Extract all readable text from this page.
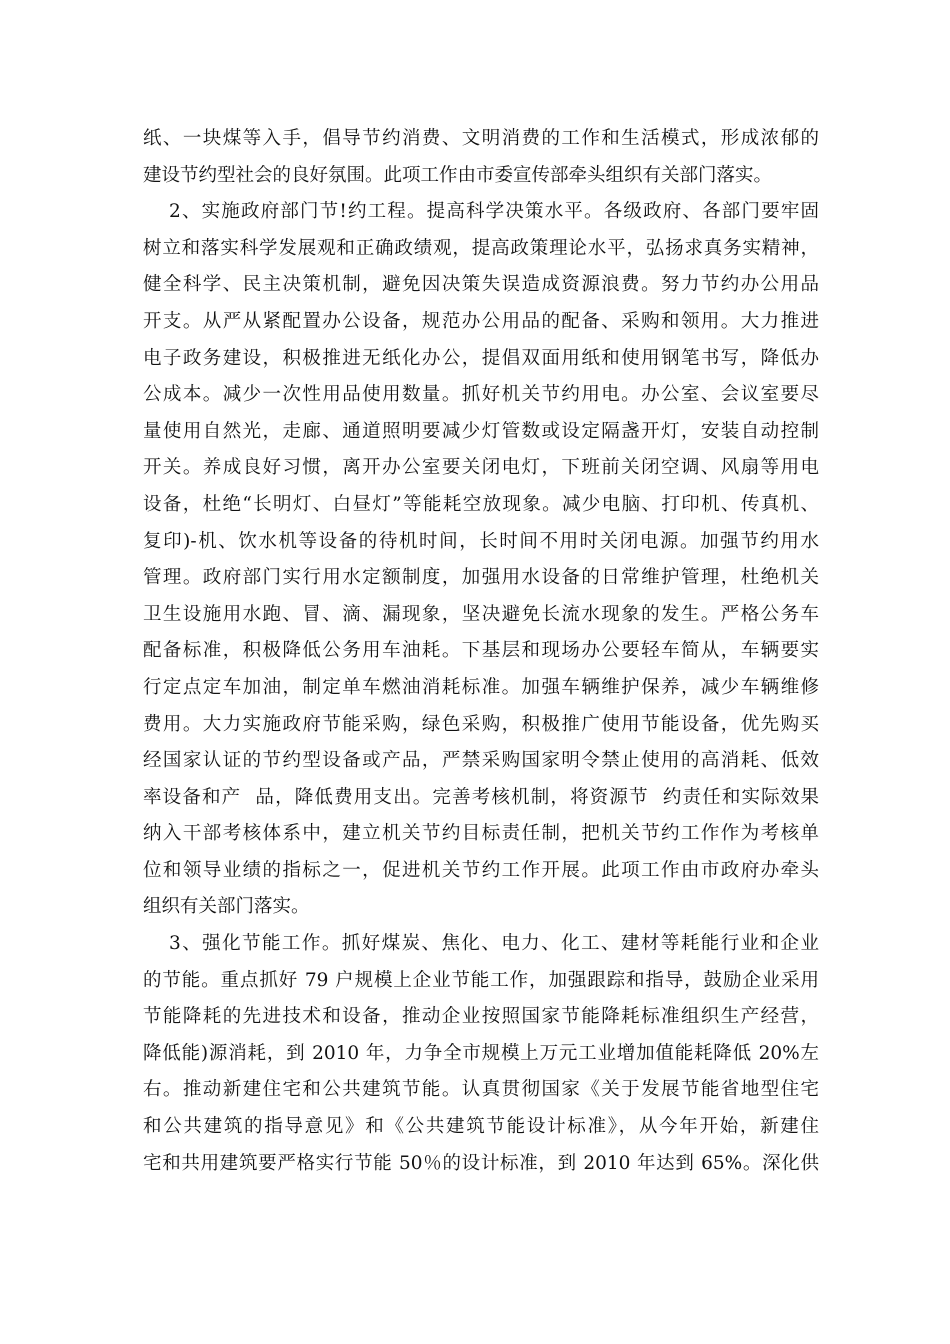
纸、一块煤等入手，倡导节约消费、文明消费的工作和生活模式，形成浓郁的
建设节约型社会的良好氛围。此项工作由市委宣传部牵头组织有关部门落实。
2、实施政府部门节!约工程。提高科学决策水平。各级政府、各部门要牢固
树立和落实科学发展观和正确政绩观，提高政策理论水平，弘扬求真务实精神，
健全科学、民主决策机制，避免因决策失误造成资源浪费。努力节约办公用品
开支。从严从紧配置办公设备，规范办公用品的配备、采购和领用。大力推进
电子政务建设，积极推进无纸化办公，提倡双面用纸和使用钢笔书写，降低办
公成本。减少一次性用品使用数量。抓好机关节约用电。办公室、会议室要尽
量使用自然光，走廊、通道照明要减少灯管数或设定隔盏开灯，安装自动控制
开关。养成良好习惯，离开办公室要关闭电灯，下班前关闭空调、风扇等用电
设备，杜绝“长明灯、白昼灯”等能耗空放现象。减少电脑、打印机、传真机、
复印)-机、饮水机等设备的待机时间，长时间不用时关闭电源。加强节约用水
管理。政府部门实行用水定额制度，加强用水设备的日常维护管理，杜绝机关
卫生设施用水跑、冒、滴、漏现象，坚决避免长流水现象的发生。严格公务车
配备标准，积极降低公务用车油耗。下基层和现场办公要轻车简从，车辆要实
行定点定车加油，制定单车燃油消耗标准。加强车辆维护保养，减少车辆维修
费用。大力实施政府节能采购，绿色采购，积极推广使用节能设备，优先购买
经国家认证的节约型设备或产品，严禁采购国家明令禁止使用的高消耗、低效
率设备和产  品，降低费用支出。完善考核机制，将资源节  约责任和实际效果
纳入干部考核体系中，建立机关节约目标责任制，把机关节约工作作为考核单
位和领导业绩的指标之一，促进机关节约工作开展。此项工作由市政府办牵头
组织有关部门落实。
3、强化节能工作。抓好煤炭、焦化、电力、化工、建材等耗能行业和企业
的节能。重点抓好 79 户规模上企业节能工作，加强跟踪和指导，鼓励企业采用
节能降耗的先进技术和设备，推动企业按照国家节能降耗标准组织生产经营，
降低能)源消耗，到 2010 年，力争全市规模上万元工业增加值能耗降低 20%左
右。推动新建住宅和公共建筑节能。认真贯彻国家《关于发展节能省地型住宅
和公共建筑的指导意见》和《公共建筑节能设计标准》，从今年开始，新建住
宅和共用建筑要严格实行节能 50％的设计标准，到 2010 年达到 65%。深化供
